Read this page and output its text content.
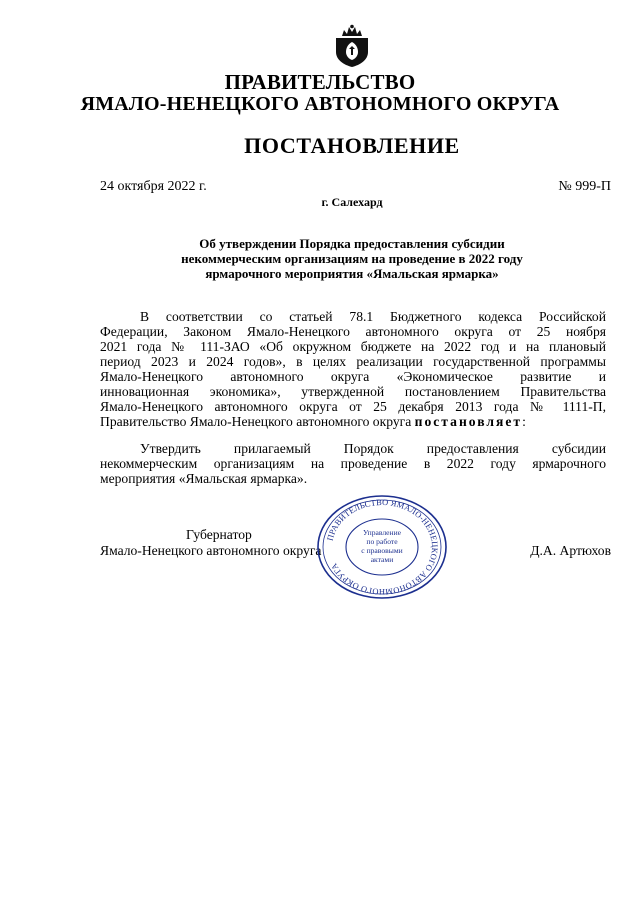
ПРАВИТЕЛЬСТВО
ЯМАЛО-НЕНЕЦКОГО АВТОНОМНОГО ОКРУГА
ПОСТАНОВЛЕНИЕ
24 октября 2022 г.	№ 999-П
г. Салехард
Об утверждении Порядка предоставления субсидии
некоммерческим организациям на проведение в 2022 году
ярмарочного мероприятия «Ямальская ярмарка»
В соответствии со статьей 78.1 Бюджетного кодекса Российской
Федерации, Законом Ямало-Ненецкого автономного округа от 25 ноября
2021 года № 111-ЗАО «Об окружном бюджете на 2022 год и на плановый
период 2023 и 2024 годов», в целях реализации государственной программы
Ямало-Ненецкого автономного округа «Экономическое развитие и
инновационная экономика», утвержденной постановлением Правительства
Ямало-Ненецкого автономного округа от 25 декабря 2013 года № 1111-П,
Правительство Ямало-Ненецкого автономного округа постановляет:
Утвердить прилагаемый Порядок предоставления субсидии
некоммерческим организациям на проведение в 2022 году ярмарочного
мероприятия «Ямальская ярмарка».
Губернатор
Ямало-Ненецкого автономного округа	Д.А. Артюхов
ПРАВИТЕЛЬСТВО ЯМАЛО-НЕНЕЦКОГО АВТОНОМНОГО ОКРУГА
Управление
по работе
с правовыми
актами
